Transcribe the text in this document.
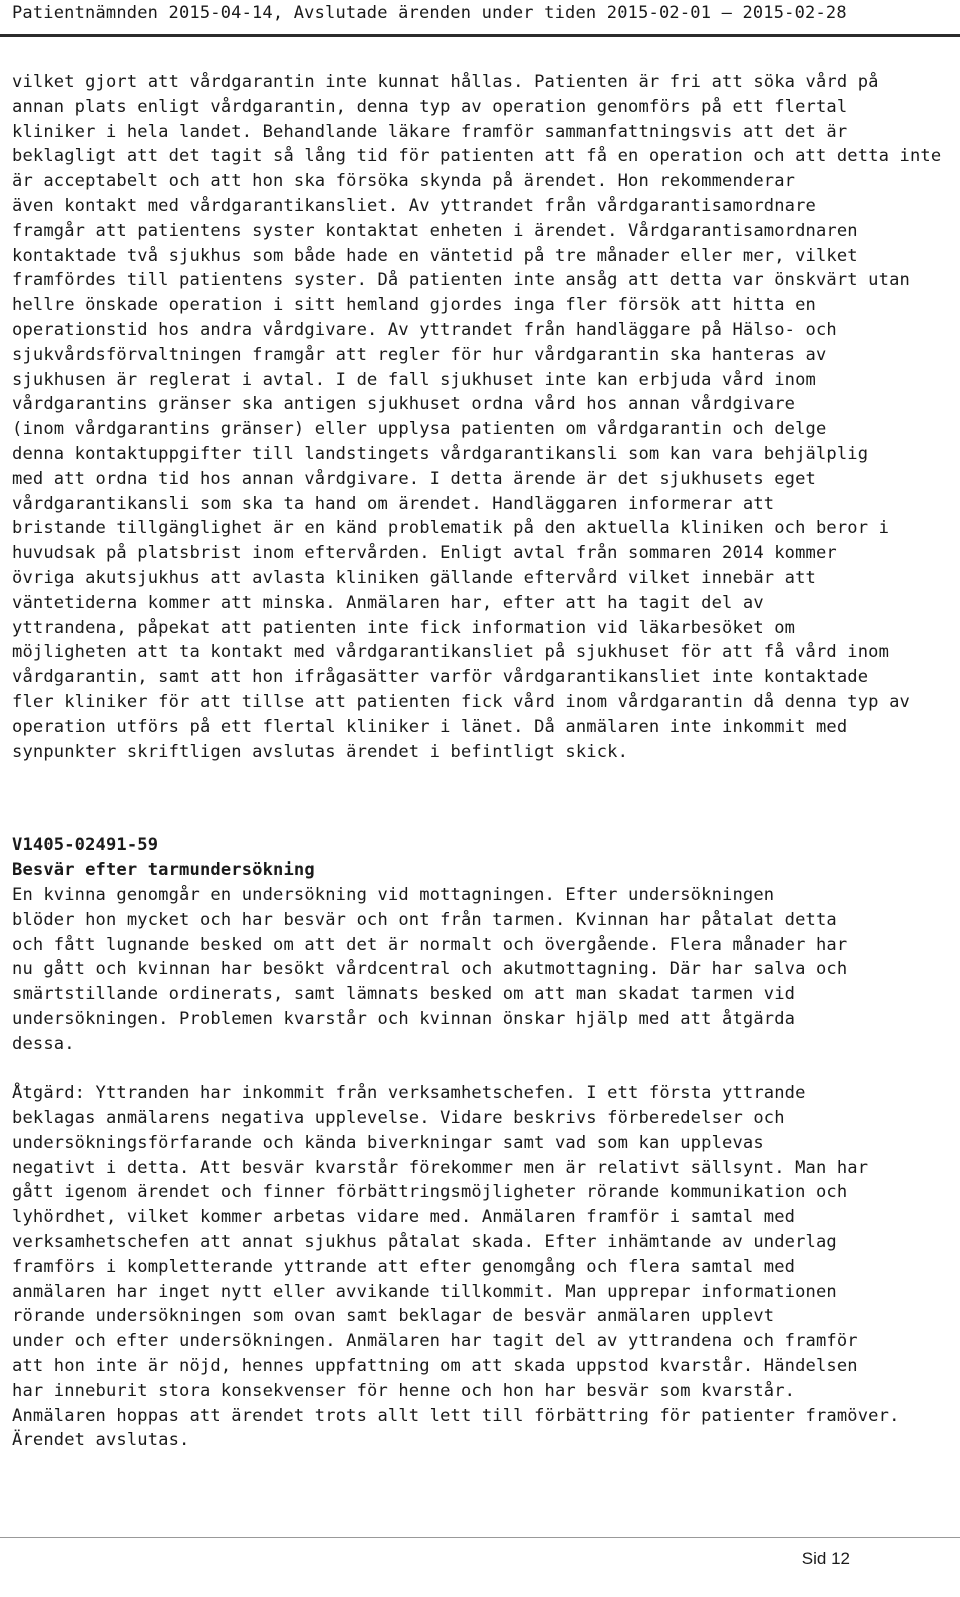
Patientnämnden 2015-04-14, Avslutade ärenden under tiden 2015-02-01 — 2015-02-28

vilket gjort att vårdgarantin inte kunnat hållas. Patienten är fri att söka vård på
annan plats enligt vårdgarantin, denna typ av operation genomförs på ett flertal
kliniker i hela landet. Behandlande läkare framför sammanfattningsvis att det är
beklagligt att det tagit så lång tid för patienten att få en operation och att detta inte
är acceptabelt och att hon ska försöka skynda på ärendet. Hon rekommenderar
även kontakt med vårdgarantikansliet. Av yttrandet från vårdgarantisamordnare
framgår att patientens syster kontaktat enheten i ärendet. Vårdgarantisamordnaren
kontaktade två sjukhus som både hade en väntetid på tre månader eller mer, vilket
framfördes till patientens syster. Då patienten inte ansåg att detta var önskvärt utan
hellre önskade operation i sitt hemland gjordes inga fler försök att hitta en
operationstid hos andra vårdgivare. Av yttrandet från handläggare på Hälso- och
sjukvårdsförvaltningen framgår att regler för hur vårdgarantin ska hanteras av
sjukhusen är reglerat i avtal. I de fall sjukhuset inte kan erbjuda vård inom
vårdgarantins gränser ska antigen sjukhuset ordna vård hos annan vårdgivare
(inom vårdgarantins gränser) eller upplysa patienten om vårdgarantin och delge
denna kontaktuppgifter till landstingets vårdgarantikansli som kan vara behjälplig
med att ordna tid hos annan vårdgivare. I detta ärende är det sjukhusets eget
vårdgarantikansli som ska ta hand om ärendet. Handläggaren informerar att
bristande tillgänglighet är en känd problematik på den aktuella kliniken och beror i
huvudsak på platsbrist inom eftervården. Enligt avtal från sommaren 2014 kommer
övriga akutsjukhus att avlasta kliniken gällande eftervård vilket innebär att
väntetiderna kommer att minska. Anmälaren har, efter att ha tagit del av
yttrandena, påpekat att patienten inte fick information vid läkarbesöket om
möjligheten att ta kontakt med vårdgarantikansliet på sjukhuset för att få vård inom
vårdgarantin, samt att hon ifrågasätter varför vårdgarantikansliet inte kontaktade
fler kliniker för att tillse att patienten fick vård inom vårdgarantin då denna typ av
operation utförs på ett flertal kliniker i länet. Då anmälaren inte inkommit med
synpunkter skriftligen avslutas ärendet i befintligt skick.

V1405-02491-59

Besvär efter tarmundersökning

En kvinna genomgår en undersökning vid mottagningen. Efter undersökningen
blöder hon mycket och har besvär och ont från tarmen. Kvinnan har påtalat detta
och fått lugnande besked om att det är normalt och övergående. Flera månader har
nu gått och kvinnan har besökt vårdcentral och akutmottagning. Där har salva och
smärtstillande ordinerats, samt lämnats besked om att man skadat tarmen vid
undersökningen. Problemen kvarstår och kvinnan önskar hjälp med att åtgärda
dessa.

Åtgärd: Yttranden har inkommit från verksamhetschefen. I ett första yttrande
beklagas anmälarens negativa upplevelse. Vidare beskrivs förberedelser och
undersökningsförfarande och kända biverkningar samt vad som kan upplevas
negativt i detta. Att besvär kvarstår förekommer men är relativt sällsynt. Man har
gått igenom ärendet och finner förbättringsmöjligheter rörande kommunikation och
lyhördhet, vilket kommer arbetas vidare med. Anmälaren framför i samtal med
verksamhetschefen att annat sjukhus påtalat skada. Efter inhämtande av underlag
framförs i kompletterande yttrande att efter genomgång och flera samtal med
anmälaren har inget nytt eller avvikande tillkommit. Man upprepar informationen
rörande undersökningen som ovan samt beklagar de besvär anmälaren upplevt
under och efter undersökningen. Anmälaren har tagit del av yttrandena och framför
att hon inte är nöjd, hennes uppfattning om att skada uppstod kvarstår. Händelsen
har inneburit stora konsekvenser för henne och hon har besvär som kvarstår.
Anmälaren hoppas att ärendet trots allt lett till förbättring för patienter framöver.
Ärendet avslutas.

Sid 12
